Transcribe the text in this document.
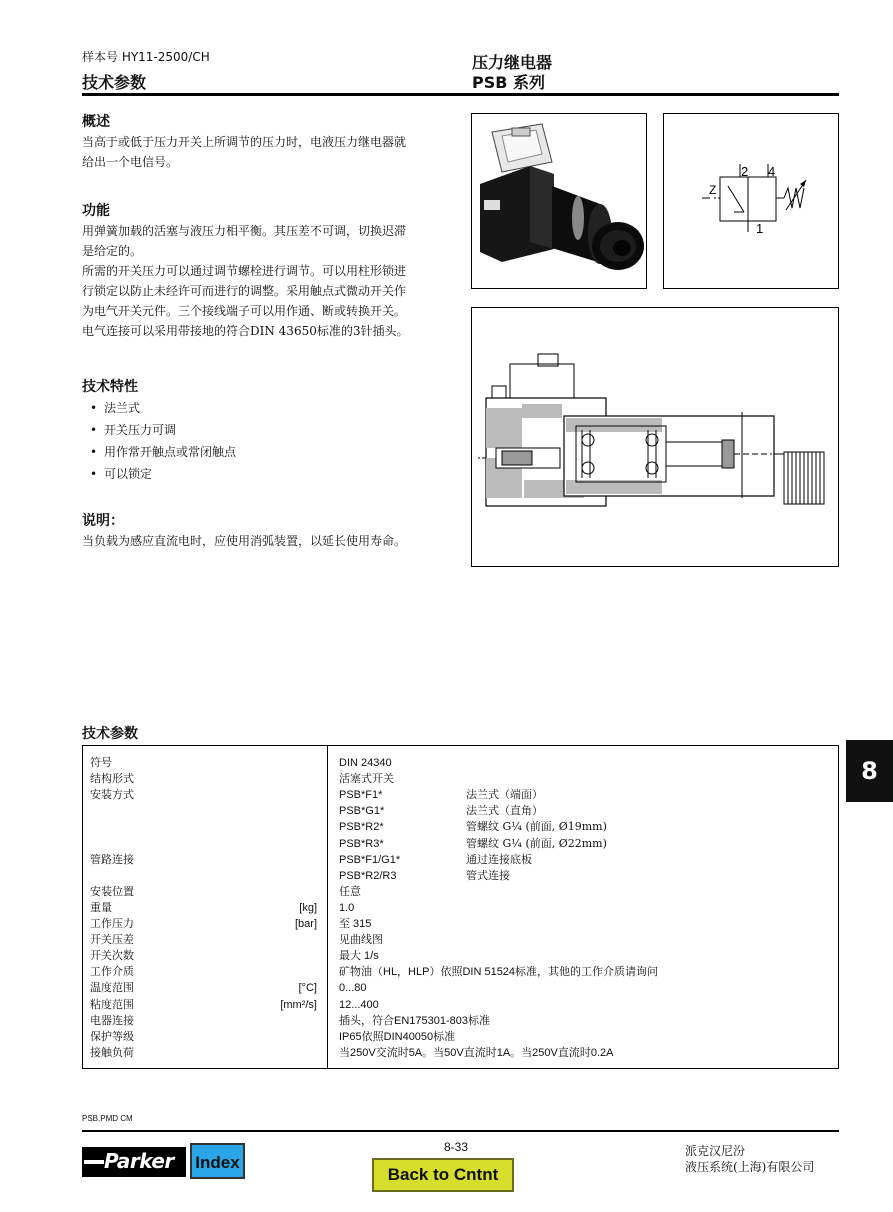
样本号 HY11-2500/CH
技术参数
压力继电器
PSB 系列
概述
当高于或低于压力开关上所调节的压力时，电液压力继电器就
给出一个电信号。
功能
用弹簧加载的活塞与液压力相平衡。其压差不可调，切换迟滞
是给定的。
所需的开关压力可以通过调节螺栓进行调节。可以用柱形锁进
行锁定以防止未经许可而进行的调整。采用触点式微动开关作
为电气开关元件。三个接线端子可以用作通、断或转换开关。
电气连接可以采用带接地的符合DIN 43650标准的3针插头。
技术特性
• 法兰式
• 开关压力可调
• 用作常开触点或常闭触点
• 可以锁定
说明：
当负载为感应直流电时，应使用消弧装置，以延长使用寿命。
2 4
1
Z
技术参数
符号	DIN 24340
结构形式	活塞式开关
安装方式	PSB*F1*	法兰式（端面）
PSB*G1*	法兰式（直角）
PSB*R2*	管螺纹 G¼ (前面, Ø19mm)
PSB*R3*	管螺纹 G¼ (前面, Ø22mm)
管路连接	PSB*F1/G1*	通过连接底板
PSB*R2/R3	管式连接
安装位置	任意
重量	[kg] 1.0
工作压力	[bar] 至 315
开关压差	见曲线图
开关次数	最大 1/s
工作介质	矿物油（HL，HLP）依照DIN 51524标准，其他的工作介质请询问
温度范围	[°C] 0...80
粘度范围	[mm²/s] 12...400
电器连接	插头，符合EN175301-803标准
保护等级	IP65依照DIN40050标准
接触负荷	当250V交流时5A。当50V直流时1A。当250V直流时0.2A
8
PSB.PMD CM
Parker	Index
8-33
Back to Cntnt
派克汉尼汾
液压系统(上海)有限公司
